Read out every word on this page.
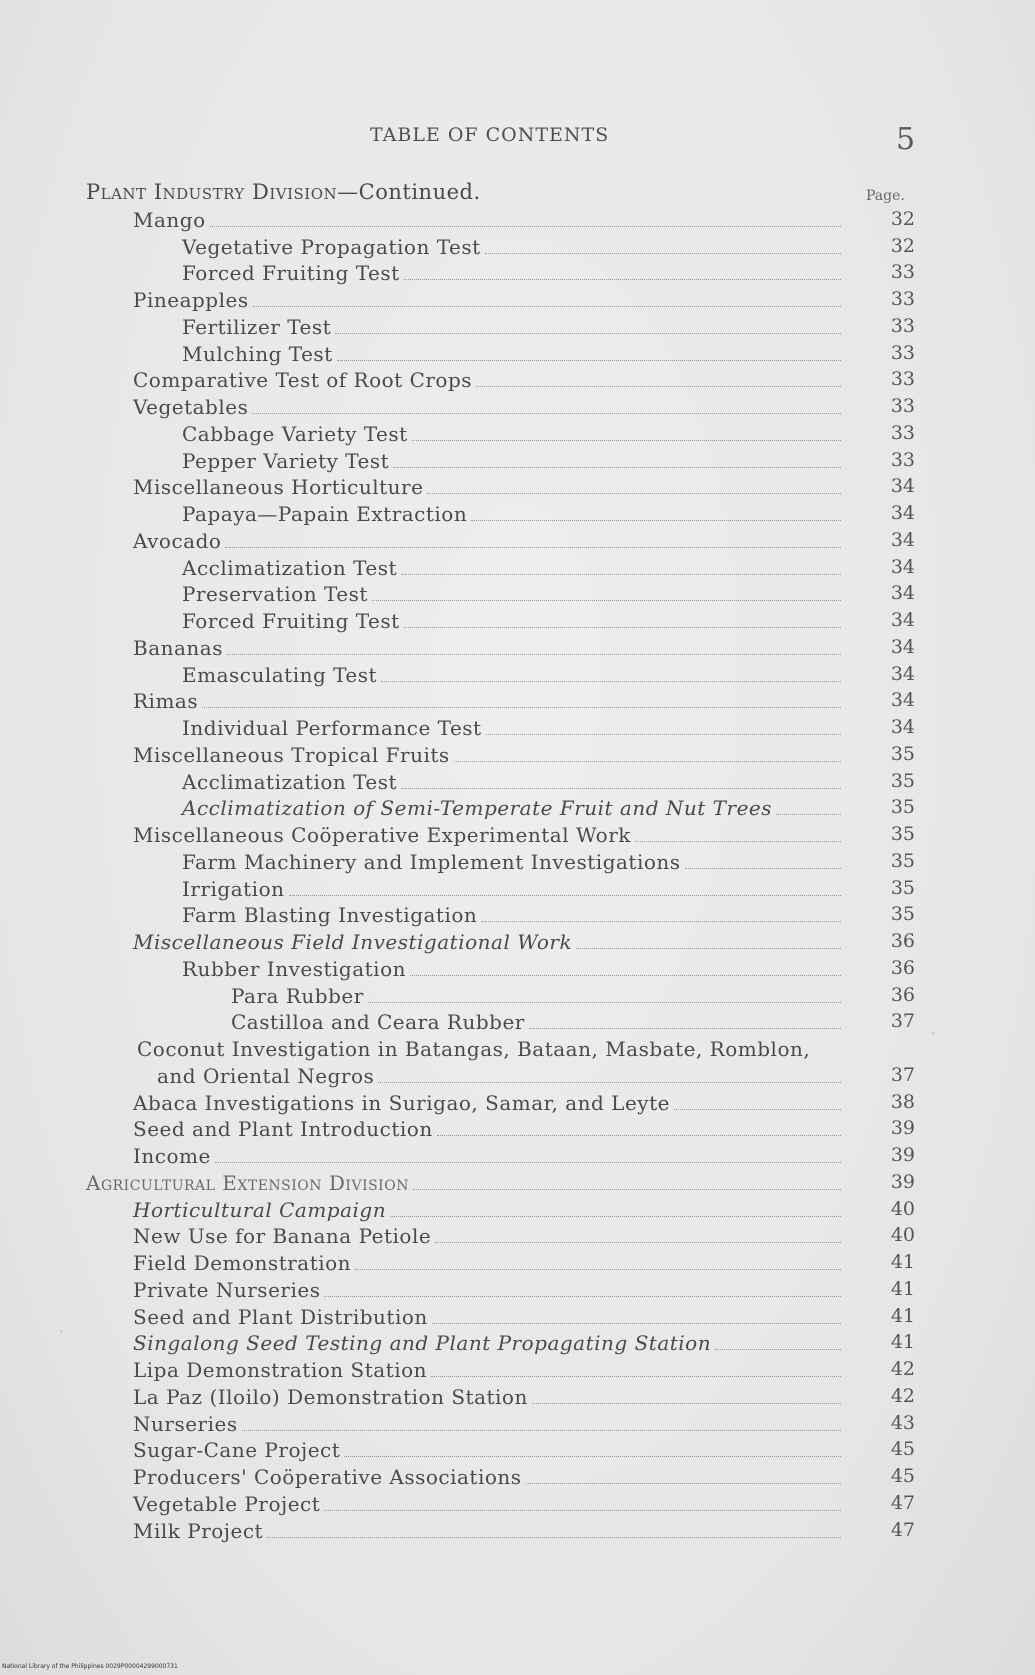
TABLE OF CONTENTS	5
Plant Industry Division—Continued.	Page.
Mango	32
Vegetative Propagation Test	32
Forced Fruiting Test	33
Pineapples	33
Fertilizer Test	33
Mulching Test	33
Comparative Test of Root Crops	33
Vegetables	33
Cabbage Variety Test	33
Pepper Variety Test	33
Miscellaneous Horticulture	34
Papaya—Papain Extraction	34
Avocado	34
Acclimatization Test	34
Preservation Test	34
Forced Fruiting Test	34
Bananas	34
Emasculating Test	34
Rimas	34
Individual Performance Test	34
Miscellaneous Tropical Fruits	35
Acclimatization Test	35
Acclimatization of Semi-Temperate Fruit and Nut Trees	35
Miscellaneous Coöperative Experimental Work	35
Farm Machinery and Implement Investigations	35
Irrigation	35
Farm Blasting Investigation	35
Miscellaneous Field Investigational Work	36
Rubber Investigation	36
Para Rubber	36
Castilloa and Ceara Rubber	37
Coconut Investigation in Batangas, Bataan, Masbate, Romblon,
and Oriental Negros	37
Abaca Investigations in Surigao, Samar, and Leyte	38
Seed and Plant Introduction	39
Income	39
Agricultural Extension Division	39
Horticultural Campaign	40
New Use for Banana Petiole	40
Field Demonstration	41
Private Nurseries	41
Seed and Plant Distribution	41
Singalong Seed Testing and Plant Propagating Station	41
Lipa Demonstration Station	42
La Paz (Iloilo) Demonstration Station	42
Nurseries	43
Sugar-Cane Project	45
Producers' Coöperative Associations	45
Vegetable Project	47
Milk Project	47
National Library of the Philippines 0029P00004299000731
